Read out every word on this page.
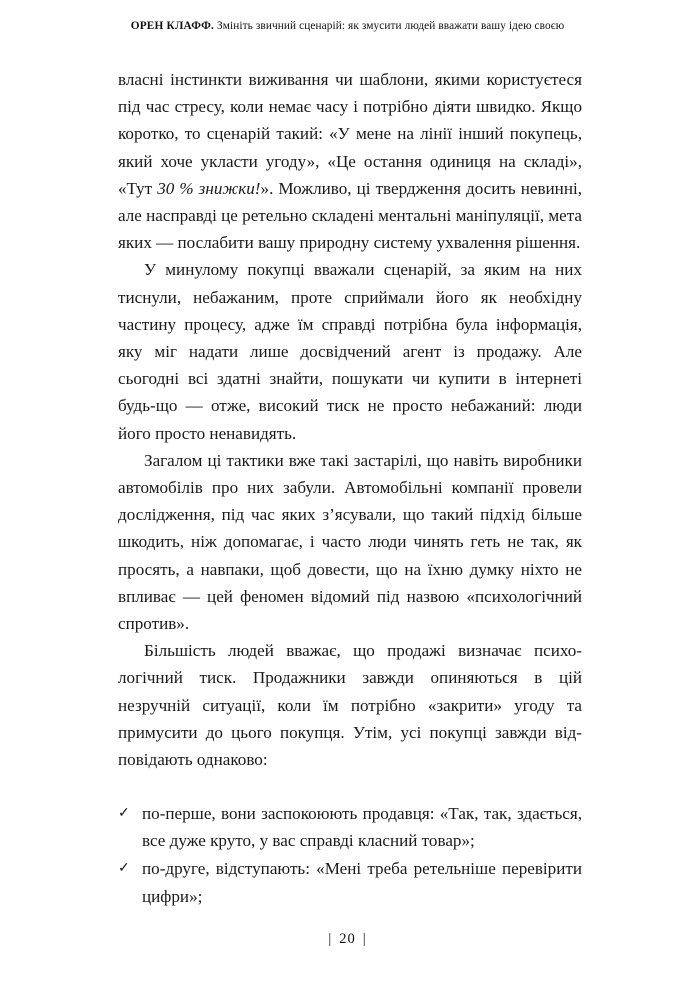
ОРЕН КЛАФФ. Змініть звичний сценарій: як змусити людей вважати вашу ідею своєю

власні інстинкти виживання чи шаблони, якими користуєтеся під час стресу, коли немає часу і потрібно діяти швидко. Якщо коротко, то сценарій такий: «У мене на лінії інший покупець, який хоче укласти угоду», «Це остання одиниця на складі», «Тут 30 % знижки!». Можливо, ці твердження досить невинні, але насправді це ретельно складені ментальні маніпуляції, мета яких — послабити вашу природну систему ухвалення рішення.

У минулому покупці вважали сценарій, за яким на них тиснули, небажаним, проте сприймали його як необхідну частину процесу, адже їм справді потрібна була інформація, яку міг надати лише досвідчений агент із продажу. Але сьогодні всі здатні знайти, пошукати чи купити в інтернеті будь-що — отже, високий тиск не просто небажаний: люди його просто ненавидять.

Загалом ці тактики вже такі застарілі, що навіть виробники автомобілів про них забули. Автомобільні компанії провели дослідження, під час яких з’ясували, що такий підхід більше шкодить, ніж допомагає, і часто люди чинять геть не так, як просять, а навпаки, щоб довести, що на їхню думку ніхто не впливає — цей феномен відомий під назвою «психологічний спротив».

Більшість людей вважає, що продажі визначає психологічний тиск. Продажники завжди опиняються в цій незручній ситуації, коли їм потрібно «закрити» угоду та примусити до цього покупця. Утім, усі покупці завжди відповідають однаково:

✓ по-перше, вони заспокоюють продавця: «Так, так, здається, все дуже круто, у вас справді класний товар»;
✓ по-друге, відступають: «Мені треба ретельніше перевірити цифри»;
| 20 |
